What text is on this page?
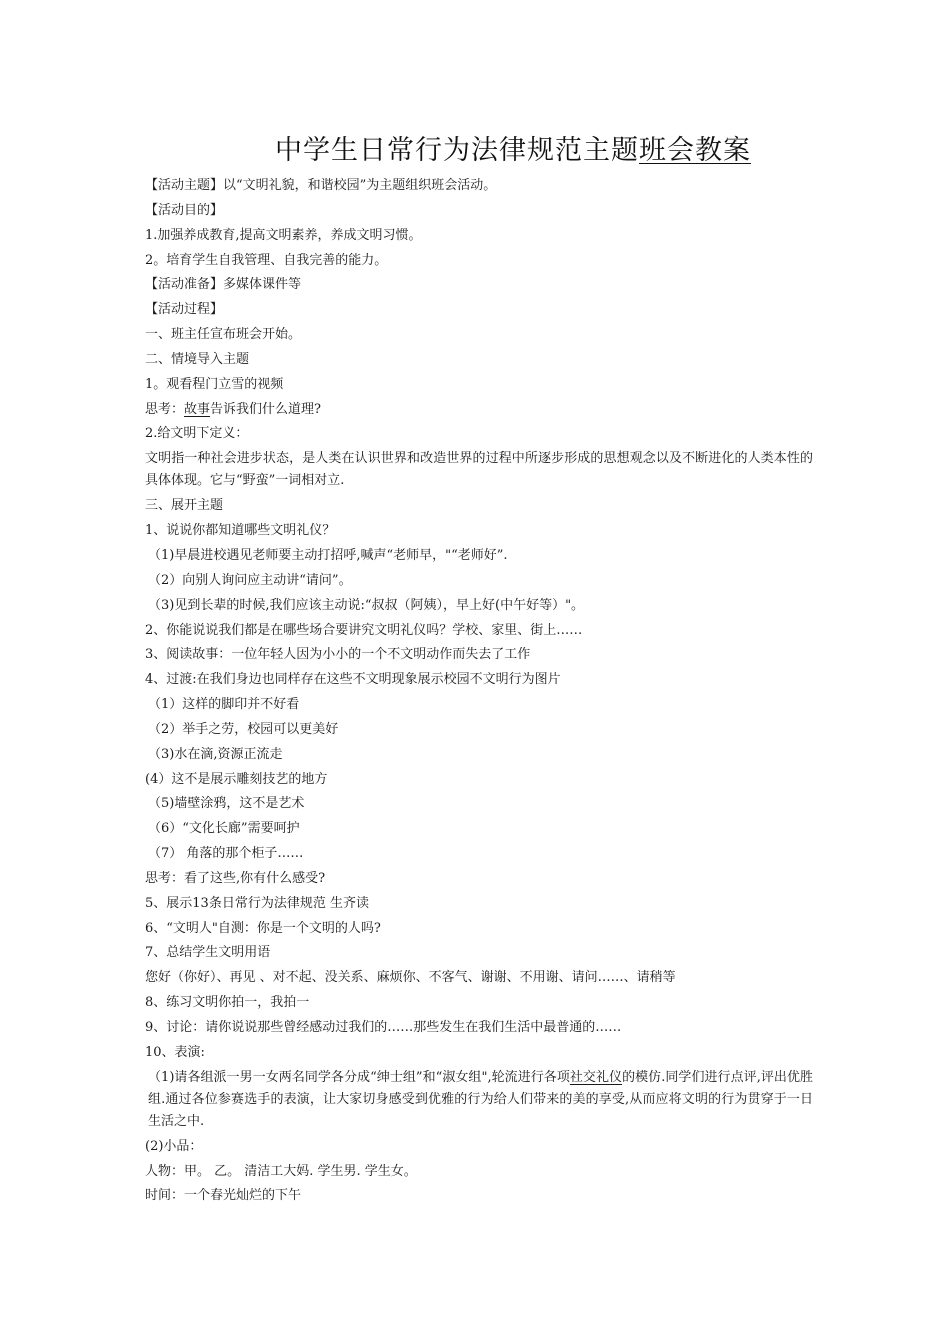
中学生日常行为法律规范主题班会教案
【活动主题】以“文明礼貌，和谐校园”为主题组织班会活动。
【活动目的】
1.加强养成教育,提高文明素养，养成文明习惯。
2。培育学生自我管理、自我完善的能力。
【活动准备】多媒体课件等
【活动过程】
一、班主任宣布班会开始。
二、情境导入主题
1。观看程门立雪的视频
思考：故事告诉我们什么道理?
2.给文明下定义：
文明指一种社会进步状态，是人类在认识世界和改造世界的过程中所逐步形成的思想观念以及不断进化的人类本性的具体体现。它与“野蛮”一词相对立.
三、展开主题
1、说说你都知道哪些文明礼仪？
（1)早晨进校遇见老师要主动打招呼,喊声“老师早，"“老师好”.
（2）向别人询问应主动讲“请问”。
（3)见到长辈的时候,我们应该主动说:“叔叔（阿姨），早上好(中午好等）"。
2、你能说说我们都是在哪些场合要讲究文明礼仪吗？学校、家里、街上……
3、阅读故事：一位年轻人因为小小的一个不文明动作而失去了工作
4、过渡:在我们身边也同样存在这些不文明现象展示校园不文明行为图片
（1）这样的脚印并不好看
（2）举手之劳，校园可以更美好
（3)水在滴,资源正流走
(4）这不是展示雕刻技艺的地方
（5)墙壁涂鸦，这不是艺术
（6）“文化长廊”需要呵护
（7） 角落的那个柜子……
思考：看了这些,你有什么感受?
5、展示13条日常行为法律规范 生齐读
6、“文明人"自测：你是一个文明的人吗?
7、总结学生文明用语
您好（你好）、再见 、对不起、没关系、麻烦你、不客气、谢谢、不用谢、请问……、请稍等
8、练习文明你拍一，我拍一
9、讨论：请你说说那些曾经感动过我们的……那些发生在我们生活中最普通的……
10、表演:
（1)请各组派一男一女两名同学各分成“绅士组”和“淑女组",轮流进行各项社交礼仪的模仿.同学们进行点评,评出优胜组.通过各位参赛选手的表演，让大家切身感受到优雅的行为给人们带来的美的享受,从而应将文明的行为贯穿于一日生活之中.
(2)小品：
人物：甲。 乙。 清洁工大妈. 学生男. 学生女。
时间：一个春光灿烂的下午
